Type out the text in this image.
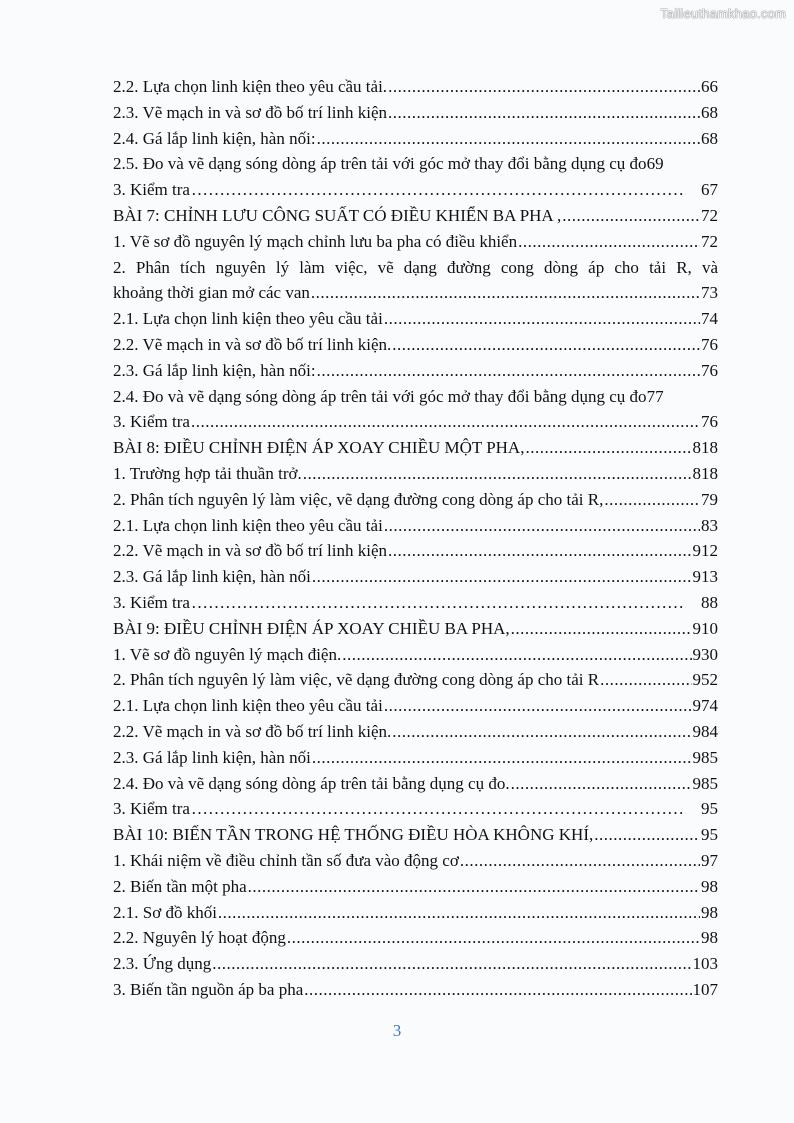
Tailieuthamkhao.com
2.2. Lựa chọn linh kiện theo yêu cầu tải. .....	66
2.3. Vẽ mạch in và sơ đồ bố trí linh kiện .....	68
2.4. Gá lắp linh kiện, hàn nối: .....	68
2.5. Đo và vẽ dạng sóng dòng áp trên tải với góc mở thay đổi bằng dụng cụ đo 69
3. Kiểm tra ………………………………………………………………………………………………………………………………	67
BÀI 7: CHỈNH LƯU CÔNG SUẤT CÓ ĐIỀU KHIỂN BA PHA , .....	72
1. Vẽ sơ đồ nguyên lý mạch chỉnh lưu ba pha có điều khiển .....	72
2. Phân tích nguyên lý làm việc, vẽ dạng đường cong dòng áp cho tải R, và
khoảng thời gian mở các van .....	73
2.1. Lựa chọn linh kiện theo yêu cầu tải .....	74
2.2. Vẽ mạch in và sơ đồ bố trí linh kiện. .....	76
2.3. Gá lắp linh kiện, hàn nối: .....	76
2.4. Đo và vẽ dạng sóng dòng áp trên tải với góc mở thay đổi bằng dụng cụ đo 77
3. Kiểm tra .....	76
BÀI 8: ĐIỀU CHỈNH ĐIỆN ÁP XOAY CHIỀU MỘT PHA, .....	818
1. Trường hợp tải thuần trở. .....	818
2. Phân tích nguyên lý làm việc, vẽ dạng đường cong dòng áp cho tải R, .....	79
2.1. Lựa chọn linh kiện theo yêu cầu tải .....	83
2.2. Vẽ mạch in và sơ đồ bố trí linh kiện .....	912
2.3. Gá lắp linh kiện, hàn nối .....	913
3. Kiểm tra ………………………………………………………………………………………………………………………………	88
BÀI 9: ĐIỀU CHỈNH ĐIỆN ÁP XOAY CHIỀU BA PHA, .....	910
1. Vẽ sơ đồ nguyên lý mạch điện. .....	930
2. Phân tích nguyên lý làm việc, vẽ dạng đường cong dòng áp cho tải R .....	952
2.1. Lựa chọn linh kiện theo yêu cầu tải .....	974
2.2. Vẽ mạch in và sơ đồ bố trí linh kiện. .....	984
2.3. Gá lắp linh kiện, hàn nối .....	985
2.4. Đo và vẽ dạng sóng dòng áp trên tải bằng dụng cụ đo. .....	985
3. Kiểm tra ………………………………………………………………………………………………………………………………	95
BÀI 10: BIẾN TẦN TRONG HỆ THỐNG ĐIỀU HÒA KHÔNG KHÍ, .....	95
1. Khái niệm về điều chỉnh tần số đưa vào động cơ .....	97
2. Biến tần một pha .....	98
2.1. Sơ đồ khối .....	98
2.2. Nguyên lý hoạt động .....	98
2.3. Ứng dụng .....	103
3. Biến tần nguồn áp ba pha .....	107
3
